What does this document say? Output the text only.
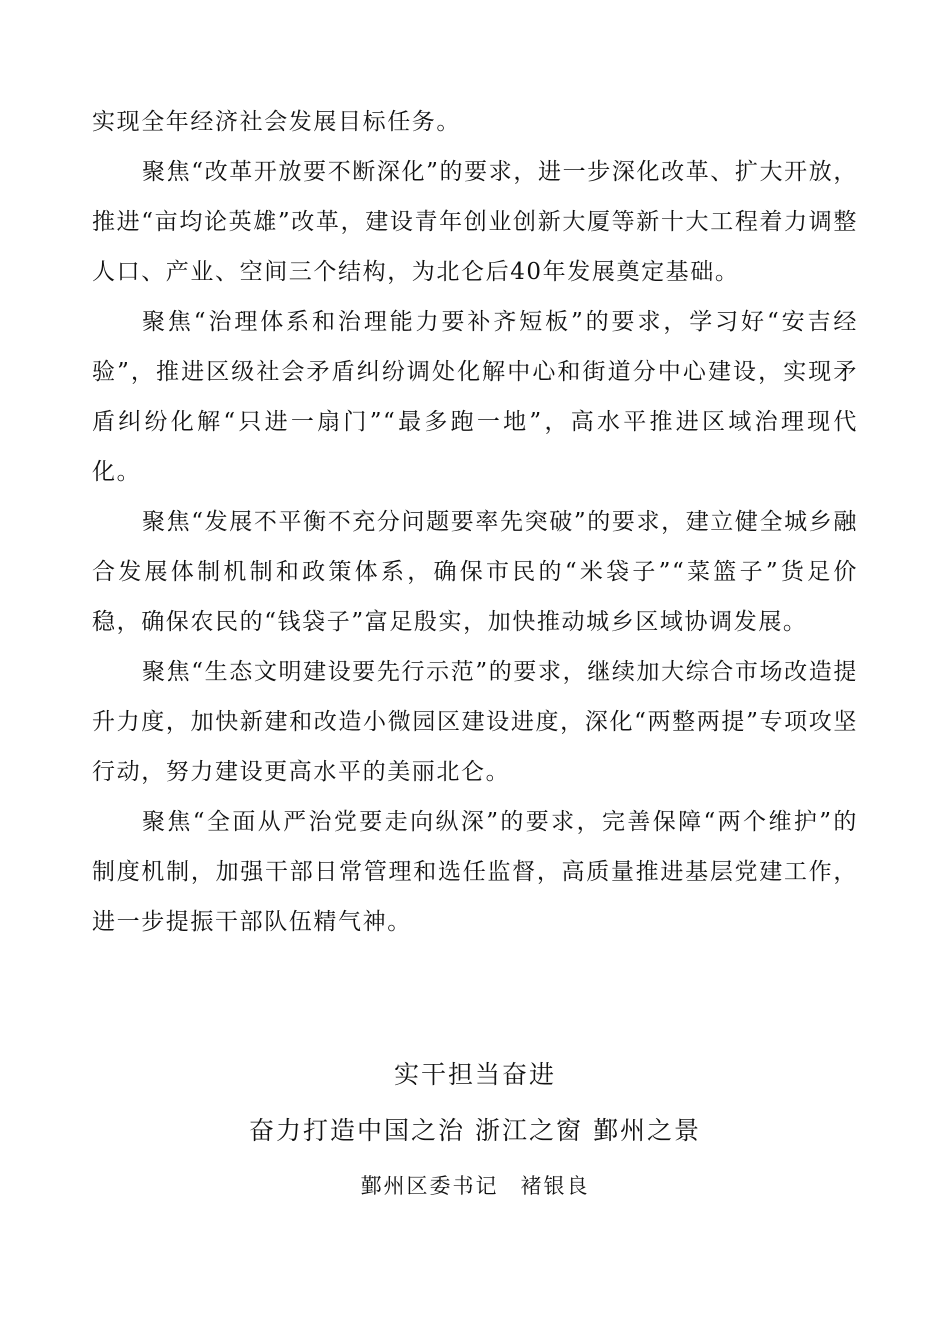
实现全年经济社会发展目标任务。

聚焦“改革开放要不断深化”的要求，进一步深化改革、扩大开放，推进“亩均论英雄”改革，建设青年创业创新大厦等新十大工程着力调整人口、产业、空间三个结构，为北仑后40年发展奠定基础。

聚焦“治理体系和治理能力要补齐短板”的要求，学习好“安吉经验”，推进区级社会矛盾纠纷调处化解中心和街道分中心建设，实现矛盾纠纷化解“只进一扇门”“最多跑一地”，高水平推进区域治理现代化。

聚焦“发展不平衡不充分问题要率先突破”的要求，建立健全城乡融合发展体制机制和政策体系，确保市民的“米袋子”“菜篮子”货足价稳，确保农民的“钱袋子”富足殷实，加快推动城乡区域协调发展。

聚焦“生态文明建设要先行示范”的要求，继续加大综合市场改造提升力度，加快新建和改造小微园区建设进度，深化“两整两提”专项攻坚行动，努力建设更高水平的美丽北仑。

聚焦“全面从严治党要走向纵深”的要求，完善保障“两个维护”的制度机制，加强干部日常管理和选任监督，高质量推进基层党建工作，进一步提振干部队伍精气神。

实干担当奋进

奋力打造中国之治 浙江之窗 鄞州之景

鄞州区委书记 褚银良
